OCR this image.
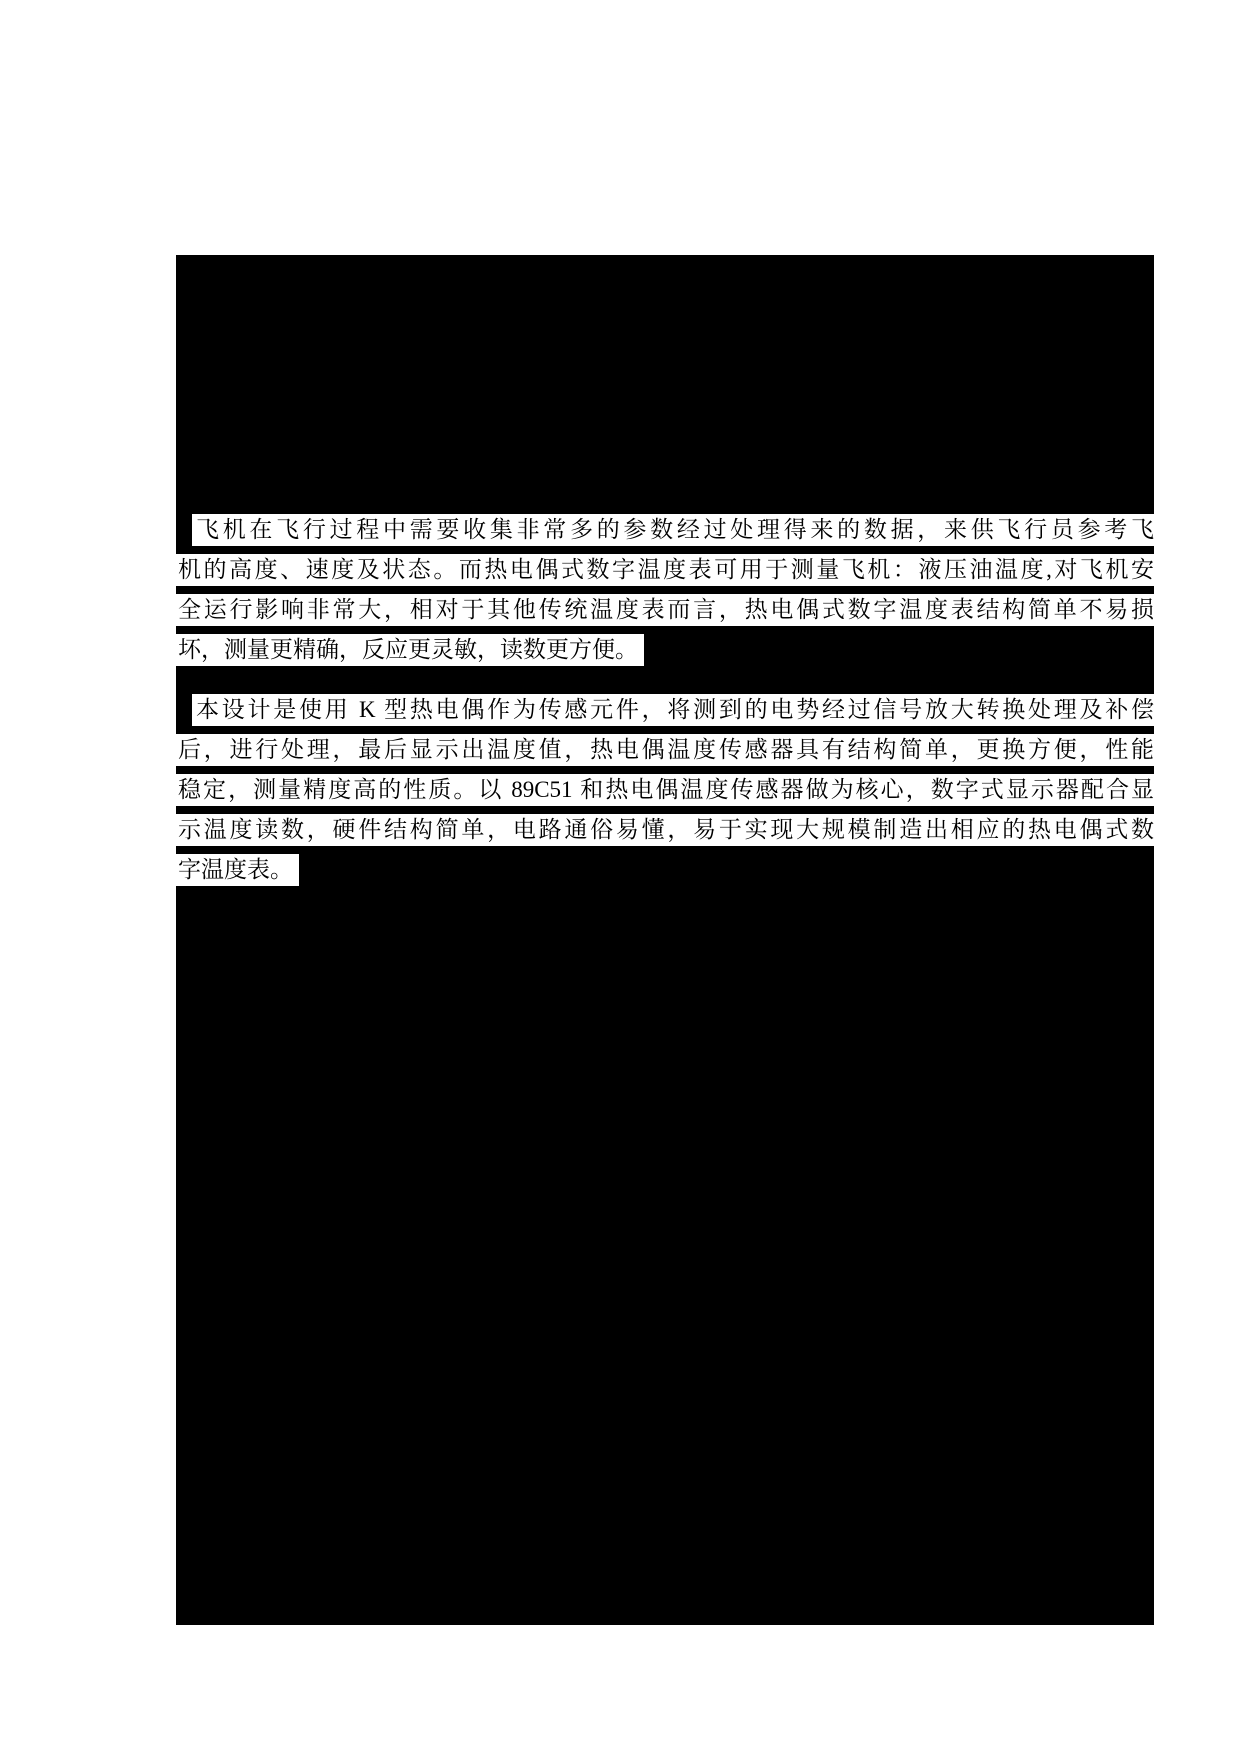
飞机在飞行过程中需要收集非常多的参数经过处理得来的数据，来供飞行员参考飞
机的高度、速度及状态。而热电偶式数字温度表可用于测量飞机：液压油温度,对飞机安
全运行影响非常大，相对于其他传统温度表而言，热电偶式数字温度表结构简单不易损
坏，测量更精确，反应更灵敏，读数更方便。
本设计是使用 K 型热电偶作为传感元件，将测到的电势经过信号放大转换处理及补偿
后，进行处理，最后显示出温度值，热电偶温度传感器具有结构简单，更换方便，性能
稳定，测量精度高的性质。以 89C51 和热电偶温度传感器做为核心，数字式显示器配合显
示温度读数，硬件结构简单，电路通俗易懂，易于实现大规模制造出相应的热电偶式数
字温度表。
